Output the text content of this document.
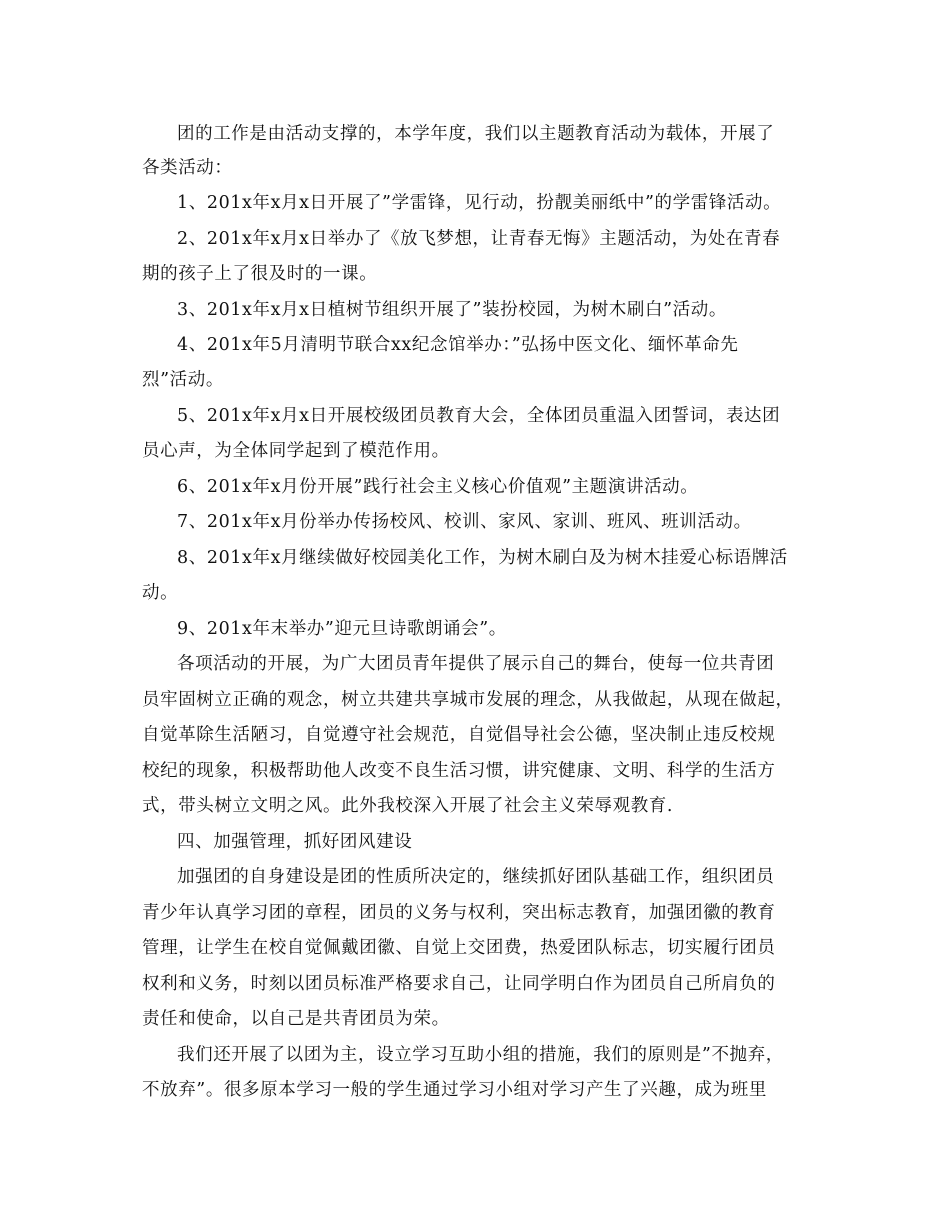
团的工作是由活动支撑的，本学年度，我们以主题教育活动为载体，开展了
各类活动：
1、201x年x月x日开展了”学雷锋，见行动，扮靓美丽纸中”的学雷锋活动。
2、201x年x月x日举办了《放飞梦想，让青春无悔》主题活动，为处在青春
期的孩子上了很及时的一课。
3、201x年x月x日植树节组织开展了”装扮校园，为树木刷白”活动。
4、201x年5月清明节联合xx纪念馆举办：”弘扬中医文化、缅怀革命先
烈”活动。
5、201x年x月x日开展校级团员教育大会，全体团员重温入团誓词，表达团
员心声，为全体同学起到了模范作用。
6、201x年x月份开展”践行社会主义核心价值观”主题演讲活动。
7、201x年x月份举办传扬校风、校训、家风、家训、班风、班训活动。
8、201x年x月继续做好校园美化工作，为树木刷白及为树木挂爱心标语牌活
动。
9、201x年末举办”迎元旦诗歌朗诵会”。
各项活动的开展，为广大团员青年提供了展示自己的舞台，使每一位共青团
员牢固树立正确的观念，树立共建共享城市发展的理念，从我做起，从现在做起，
自觉革除生活陋习，自觉遵守社会规范，自觉倡导社会公德，坚决制止违反校规
校纪的现象，积极帮助他人改变不良生活习惯，讲究健康、文明、科学的生活方
式，带头树立文明之风。此外我校深入开展了社会主义荣辱观教育.
四、加强管理，抓好团风建设
加强团的自身建设是团的性质所决定的，继续抓好团队基础工作，组织团员
青少年认真学习团的章程，团员的义务与权利，突出标志教育，加强团徽的教育
管理，让学生在校自觉佩戴团徽、自觉上交团费，热爱团队标志，切实履行团员
权利和义务，时刻以团员标准严格要求自己，让同学明白作为团员自己所肩负的
责任和使命，以自己是共青团员为荣。
我们还开展了以团为主，设立学习互助小组的措施，我们的原则是”不抛弃，
不放弃”。很多原本学习一般的学生通过学习小组对学习产生了兴趣，成为班里
